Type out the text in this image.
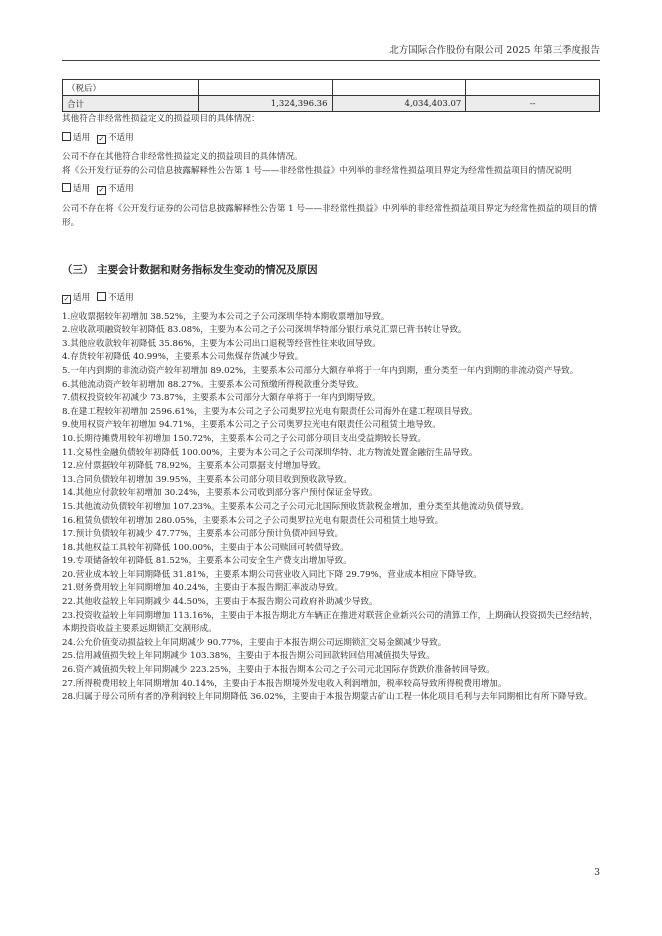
北方国际合作股份有限公司 2025 年第三季度报告
（税后）			
合计	1,324,396.36	4,034,403.07	--

其他符合非经常性损益定义的损益项目的具体情况：

适用 ✓ 不适用

公司不存在其他符合非经常性损益定义的损益项目的具体情况。

将《公开发行证券的公司信息披露解释性公告第 1 号——非经常性损益》中列举的非经常性损益项目界定为经常性损益项目的情况说明

适用 ✓ 不适用

公司不存在将《公开发行证券的公司信息披露解释性公告第 1 号——非经常性损益》中列举的非经常性损益项目界定为经常性损益的项目的情形。

（三） 主要会计数据和财务指标发生变动的情况及原因

✓ 适用 不适用

1.应收票据较年初增加 38.52%，主要为本公司之子公司深圳华特本期收票增加导致。

2.应收款项融资较年初降低 83.08%，主要为本公司之子公司深圳华特部分银行承兑汇票已背书转让导致。

3.其他应收款较年初降低 35.86%，主要为本公司出口退税等经营性往来收回导致。

4.存货较年初降低 40.99%，主要系本公司焦煤存货减少导致。

5.一年内到期的非流动资产较年初增加 89.02%，主要系本公司部分大额存单将于一年内到期，重分类至一年内到期的非流动资产导致。

6.其他流动资产较年初增加 88.27%。主要系本公司预缴所得税款重分类导致。

7.债权投资较年初减少 73.87%，主要系本公司部分大额存单将于一年内到期导致。

8.在建工程较年初增加 2596.61%，主要为本公司之子公司奥罗拉光电有限责任公司海外在建工程项目导致。

9.使用权资产较年初增加 94.71%，主要系本公司之子公司奥罗拉光电有限责任公司租赁土地导致。

10.长期待摊费用较年初增加 150.72%，主要系本公司之子公司部分项目支出受益期较长导致。

11.交易性金融负债较年初降低 100.00%，主要为本公司之子公司深圳华特、北方物流处置金融衍生品导致。

12.应付票据较年初降低 78.92%，主要系本公司票据支付增加导致。

13.合同负债较年初增加 39.95%，主要系本公司部分项目收到预收款导致。

14.其他应付款较年初增加 30.24%，主要系本公司收到部分客户预付保证金导致。

15.其他流动负债较年初增加 107.23%。主要系本公司之子公司元北国际预收货款税金增加，重分类至其他流动负债导致。

16.租赁负债较年初增加 280.05%，主要系本公司之子公司奥罗拉光电有限责任公司租赁土地导致。

17.预计负债较年初减少 47.77%，主要系本公司部分预计负债冲回导致。

18.其他权益工具较年初降低 100.00%，主要由于本公司赎回可转债导致。

19.专项储备较年初降低 81.52%，主要系本公司安全生产费支出增加导致。

20.营业成本较上年同期降低 31.81%，主要系本期公司营业收入同比下降 29.79%，营业成本相应下降导致。

21.财务费用较上年同期增加 40.24%，主要由于本报告期汇率波动导致。

22.其他收益较上年同期减少 44.50%，主要由于本报告期公司政府补助减少导致。

23.投资收益较上年同期增加 113.16%，主要由于本报告期北方车辆正在推进对联营企业新兴公司的清算工作，上期确认投资损失已经结转，本期投资收益主要系远期锁汇交割形成。

24.公允价值变动损益较上年同期减少 90.77%，主要由于本报告期公司远期锁汇交易金额减少导致。

25.信用减值损失较上年同期减少 103.38%，主要由于本报告期公司回款转回信用减值损失导致。

26.资产减值损失较上年同期减少 223.25%，主要由于本报告期本公司之子公司元北国际存货跌价准备转回导致。

27.所得税费用较上年同期增加 40.14%，主要由于本报告期境外发电收入利润增加，税率较高导致所得税费用增加。

28.归属于母公司所有者的净利润较上年同期降低 36.02%，主要由于本报告期蒙古矿山工程一体化项目毛利与去年同期相比有所下降导致。

3
